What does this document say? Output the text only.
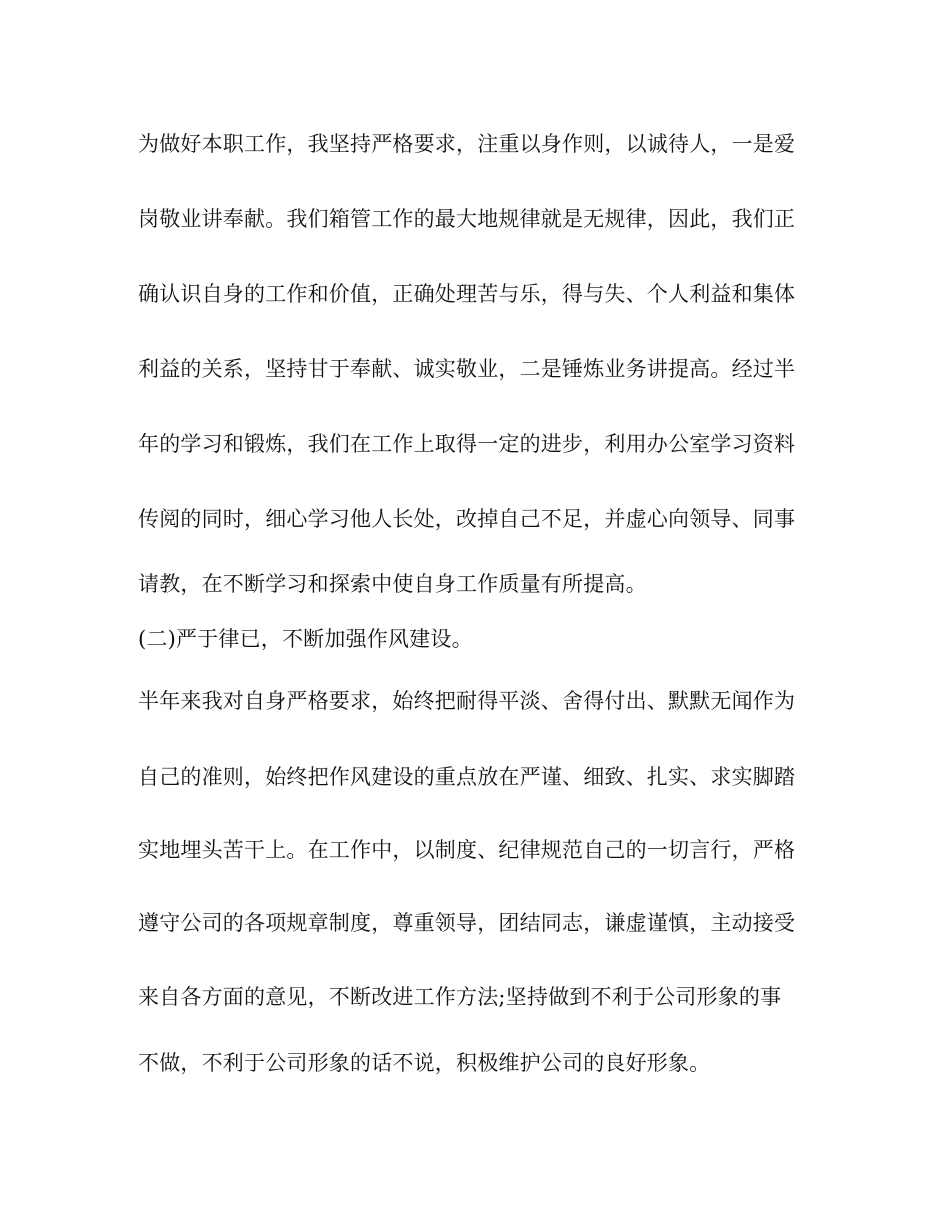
为做好本职工作，我坚持严格要求，注重以身作则，以诚待人，一是爱
岗敬业讲奉献。我们箱管工作的最大地规律就是无规律，因此，我们正
确认识自身的工作和价值，正确处理苦与乐，得与失、个人利益和集体
利益的关系，坚持甘于奉献、诚实敬业，二是锤炼业务讲提高。经过半
年的学习和锻炼，我们在工作上取得一定的进步，利用办公室学习资料
传阅的同时，细心学习他人长处，改掉自己不足，并虚心向领导、同事
请教，在不断学习和探索中使自身工作质量有所提高。
(二)严于律已，不断加强作风建设。
半年来我对自身严格要求，始终把耐得平淡、舍得付出、默默无闻作为
自己的准则，始终把作风建设的重点放在严谨、细致、扎实、求实脚踏
实地埋头苦干上。在工作中，以制度、纪律规范自己的一切言行，严格
遵守公司的各项规章制度，尊重领导，团结同志，谦虚谨慎，主动接受
来自各方面的意见，不断改进工作方法;坚持做到不利于公司形象的事
不做，不利于公司形象的话不说，积极维护公司的良好形象。
